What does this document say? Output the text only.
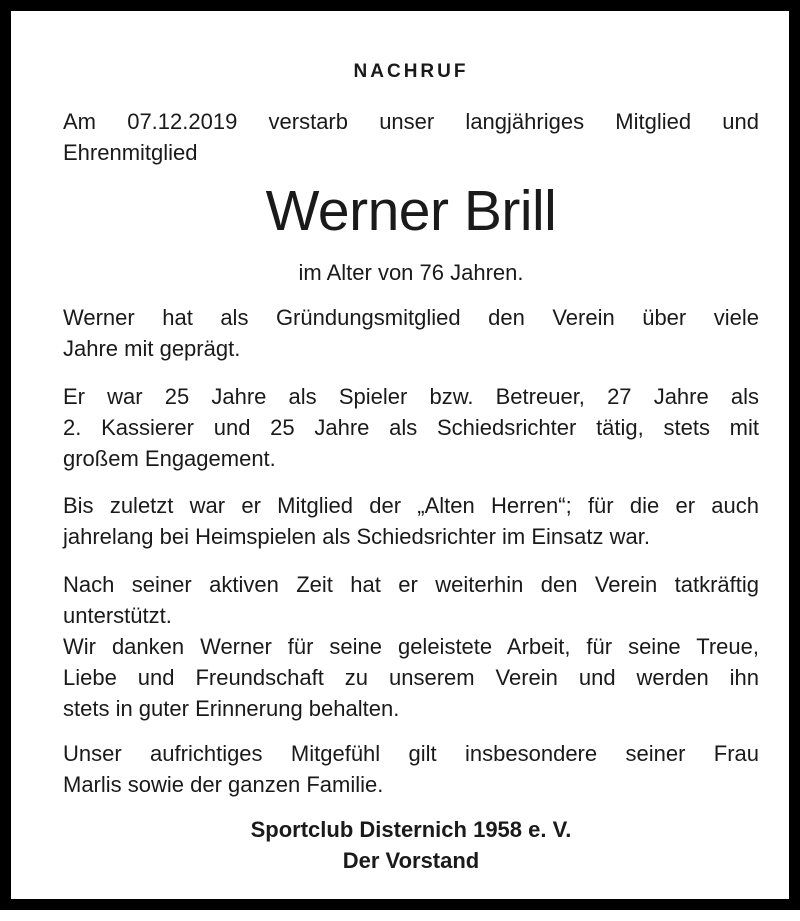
NACHRUF
Am 07.12.2019 verstarb unser langjähriges Mitglied und
Ehrenmitglied
Werner Brill
im Alter von 76 Jahren.
Werner hat als Gründungsmitglied den Verein über viele
Jahre mit geprägt.
Er war 25 Jahre als Spieler bzw. Betreuer, 27 Jahre als
2. Kassierer und 25 Jahre als Schiedsrichter tätig, stets mit
großem Engagement.
Bis zuletzt war er Mitglied der „Alten Herren“; für die er auch
jahrelang bei Heimspielen als Schiedsrichter im Einsatz war.
Nach seiner aktiven Zeit hat er weiterhin den Verein tatkräftig
unterstützt.
Wir danken Werner für seine geleistete Arbeit, für seine Treue,
Liebe und Freundschaft zu unserem Verein und werden ihn
stets in guter Erinnerung behalten.
Unser aufrichtiges Mitgefühl gilt insbesondere seiner Frau
Marlis sowie der ganzen Familie.
Sportclub Disternich 1958 e. V.
Der Vorstand
